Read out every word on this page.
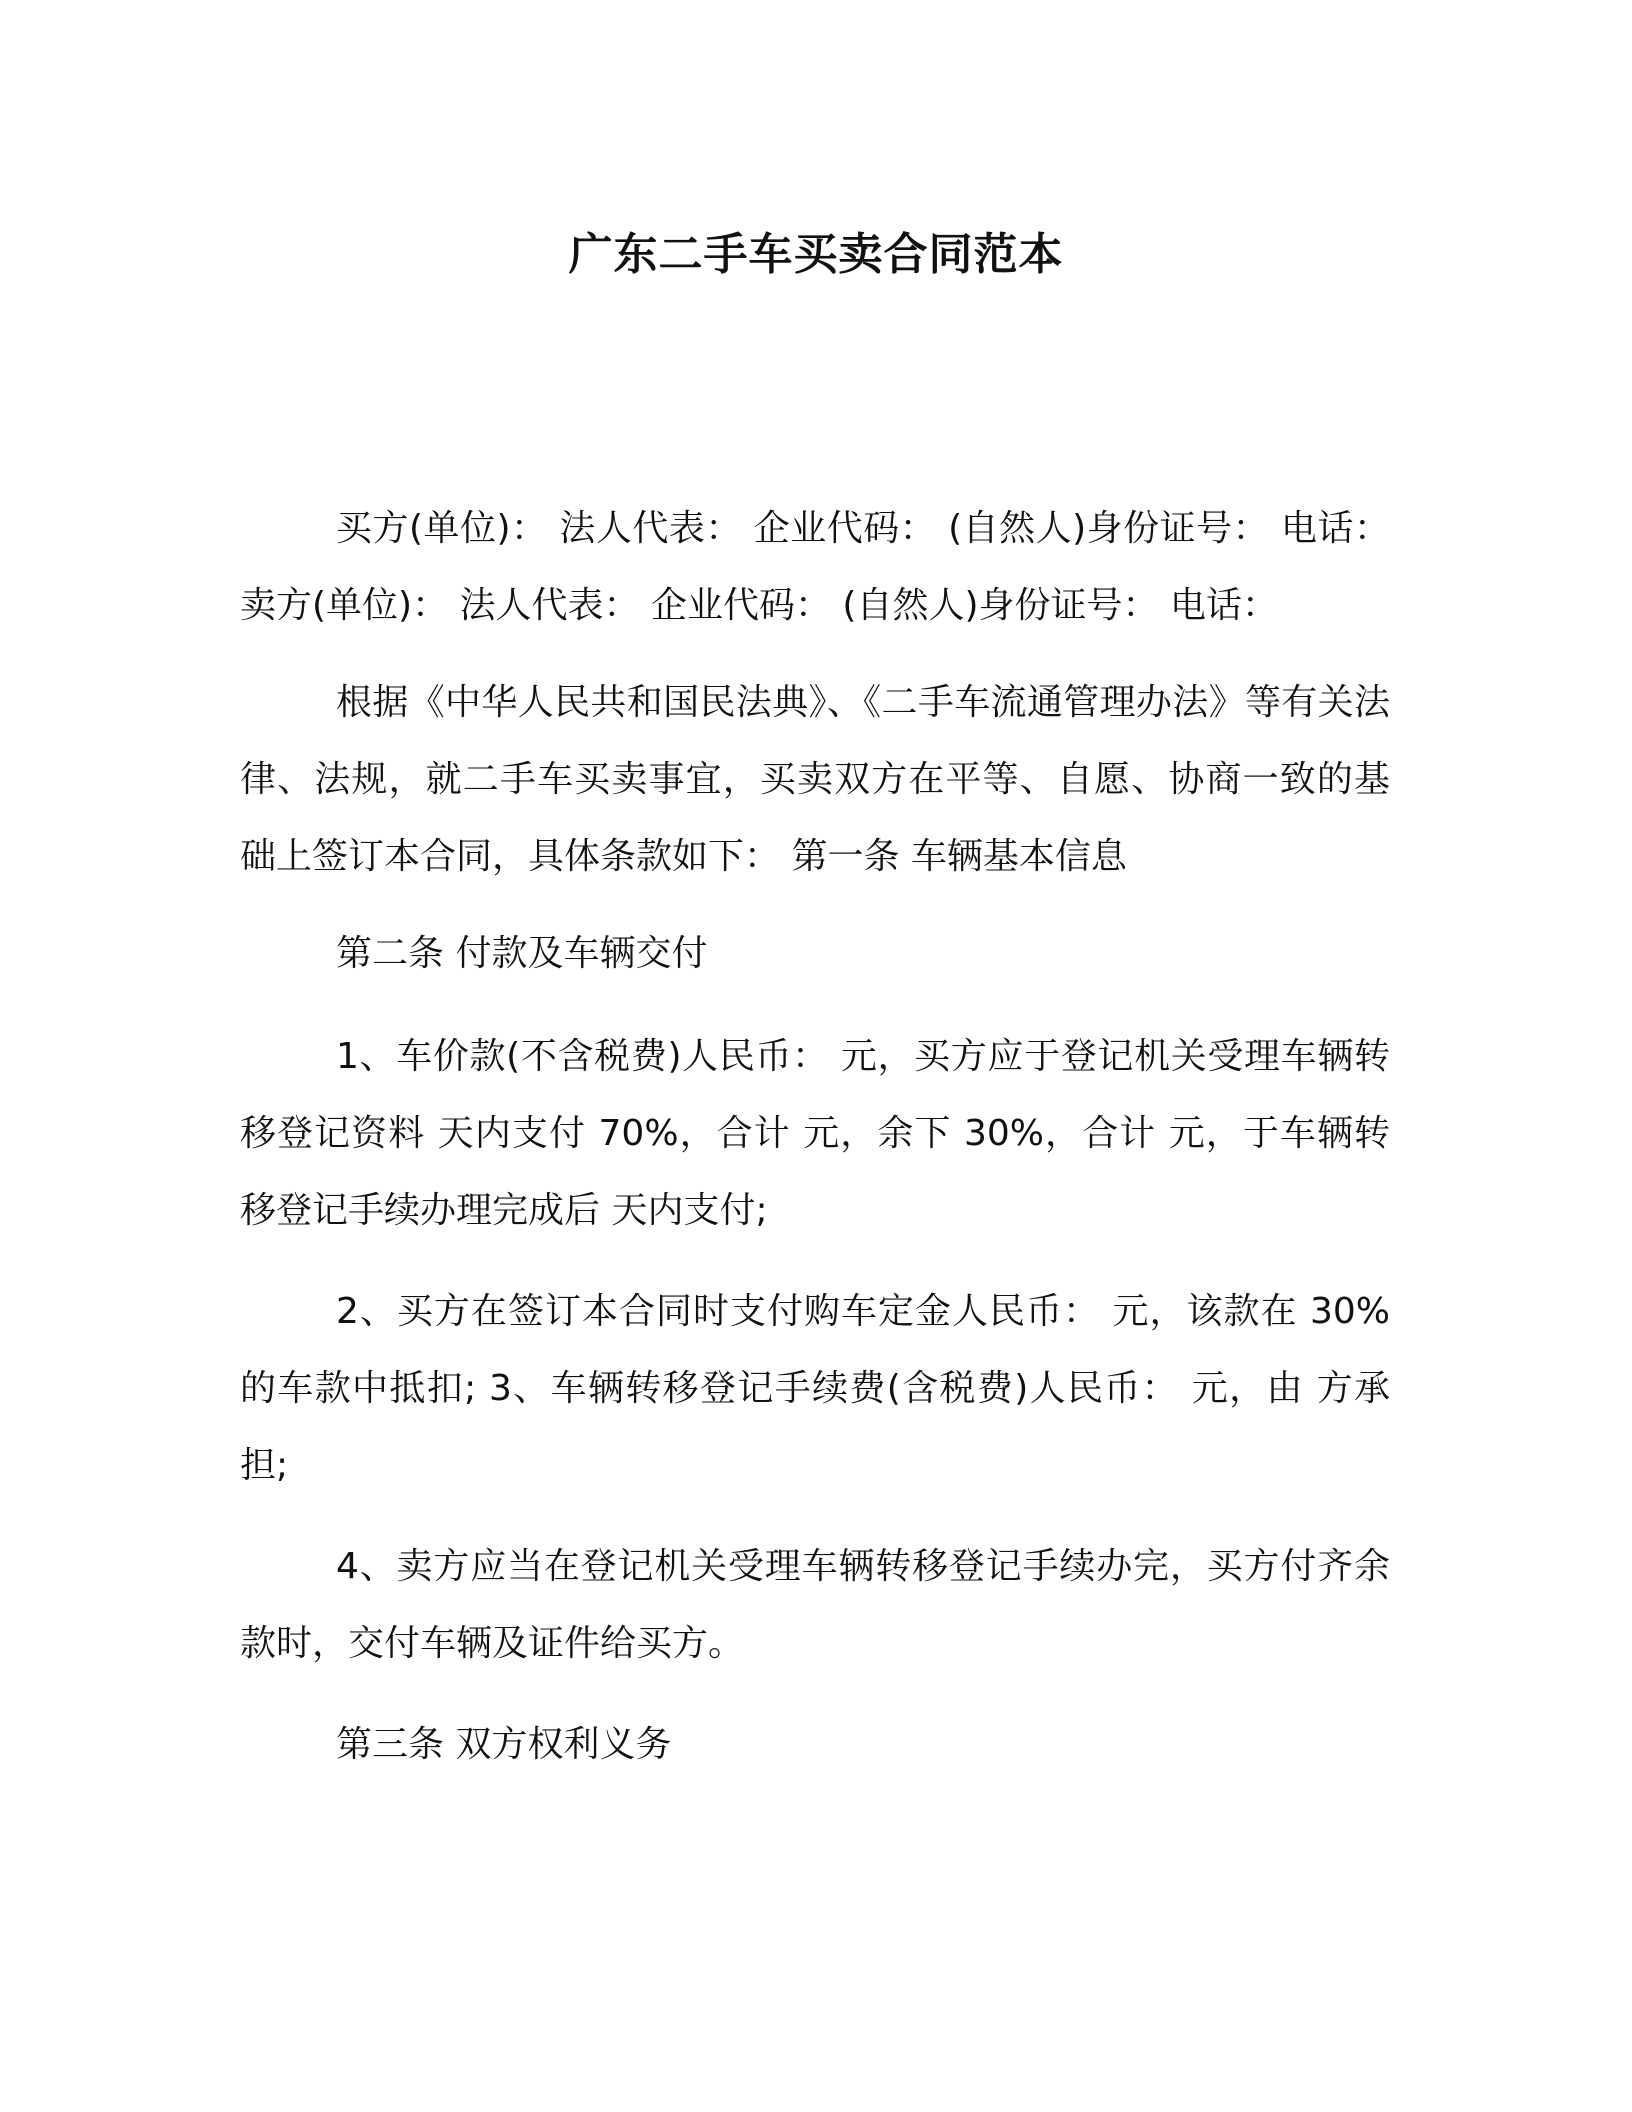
广东二手车买卖合同范本

买方(单位)： 法人代表： 企业代码： (自然人)身份证号： 电话： 卖方(单位)： 法人代表： 企业代码： (自然人)身份证号： 电话：

根据《中华人民共和国民法典》、《二手车流通管理办法》等有关法律、法规，就二手车买卖事宜，买卖双方在平等、自愿、协商一致的基础上签订本合同，具体条款如下： 第一条 车辆基本信息

第二条 付款及车辆交付

1、车价款(不含税费)人民币： 元，买方应于登记机关受理车辆转移登记资料 天内支付 70%，合计 元，余下 30%，合计 元，于车辆转移登记手续办理完成后 天内支付;

2、买方在签订本合同时支付购车定金人民币： 元，该款在 30%的车款中抵扣; 3、车辆转移登记手续费(含税费)人民币： 元，由 方承担;

4、卖方应当在登记机关受理车辆转移登记手续办完，买方付齐余款时，交付车辆及证件给买方。

第三条 双方权利义务
